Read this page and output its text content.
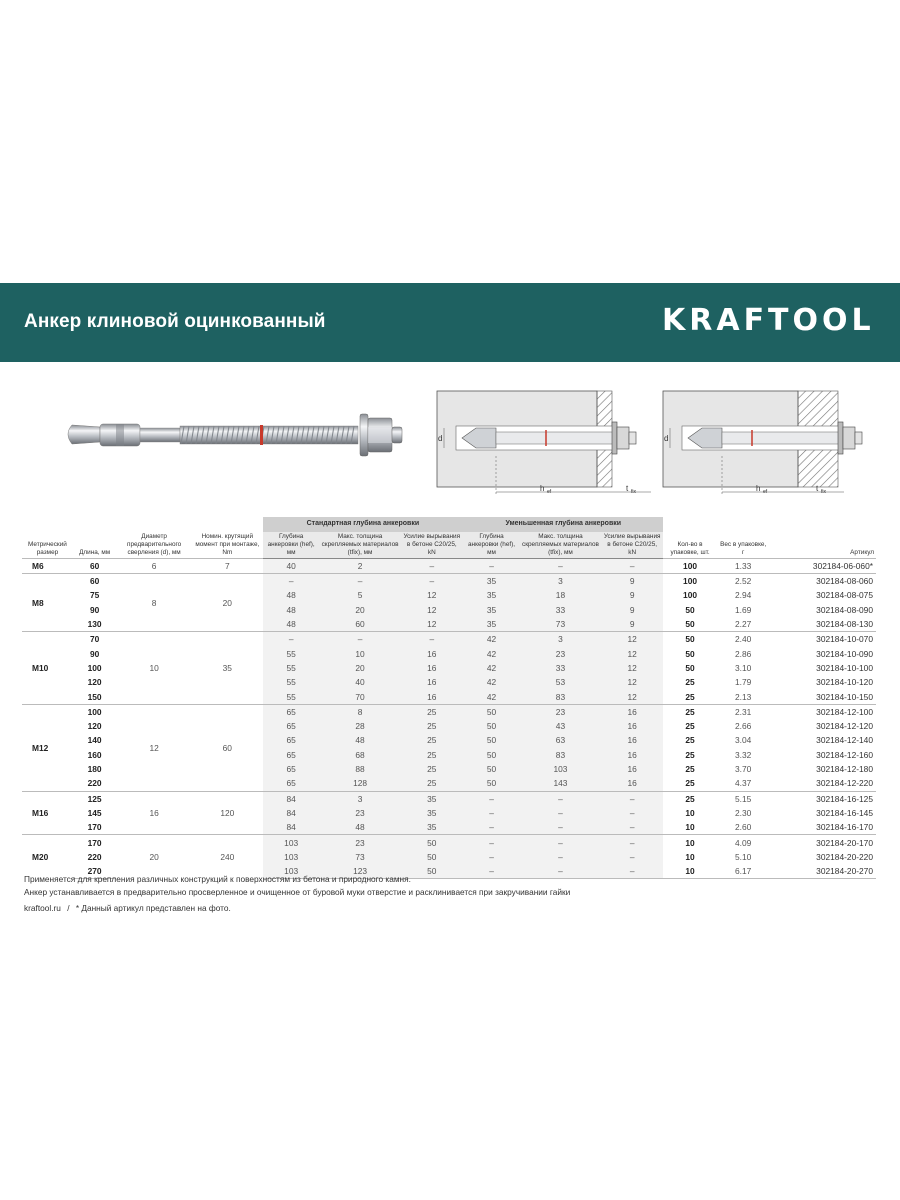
Анкер клиновой оцинкованный	KRAFTOOL
d
h ef	t fix
d
h ef	t fix
Метрический размер	Длина, мм	Диаметр предварительного сверления (d), мм	Номин. крутящий момент при монтаже, Nm	Стандартная глубина анкеровки			Уменьшенная глубина анкеровки			Кол-во в упаковке, шт.	Вес в упаковке, г	Артикул
				Глубина анкеровки (hef), мм	Макс. толщина скрепляемых материалов (tfix), мм	Усилие вырывания в бетоне C20/25, kN	Глубина анкеровки (hef), мм	Макс. толщина скрепляемых материалов (tfix), мм	Усилие вырывания в бетоне C20/25, kN			
M6	60	6	7	40	2	–	–	–	–	100	1.33	302184-06-060*
M8	60	8	20	–	–	–	35	3	9	100	2.52	302184-08-060
	75			48	5	12	35	18	9	100	2.94	302184-08-075
	90			48	20	12	35	33	9	50	1.69	302184-08-090
	130			48	60	12	35	73	9	50	2.27	302184-08-130
M10	70	10	35	–	–	–	42	3	12	50	2.40	302184-10-070
	90			55	10	16	42	23	12	50	2.86	302184-10-090
	100			55	20	16	42	33	12	50	3.10	302184-10-100
	120			55	40	16	42	53	12	25	1.79	302184-10-120
	150			55	70	16	42	83	12	25	2.13	302184-10-150
M12	100	12	60	65	8	25	50	23	16	25	2.31	302184-12-100
	120			65	28	25	50	43	16	25	2.66	302184-12-120
	140			65	48	25	50	63	16	25	3.04	302184-12-140
	160			65	68	25	50	83	16	25	3.32	302184-12-160
	180			65	88	25	50	103	16	25	3.70	302184-12-180
	220			65	128	25	50	143	16	25	4.37	302184-12-220
M16	125	16	120	84	3	35	–	–	–	25	5.15	302184-16-125
	145			84	23	35	–	–	–	10	2.30	302184-16-145
	170			84	48	35	–	–	–	10	2.60	302184-16-170
M20	170	20	240	103	23	50	–	–	–	10	4.09	302184-20-170
	220			103	73	50	–	–	–	10	5.10	302184-20-220
	270			103	123	50	–	–	–	10	6.17	302184-20-270
Применяется для крепления различных конструкций к поверхностям из бетона и природного камня.
Анкер устанавливается в предварительно просверленное и очищенное от буровой муки отверстие и расклинивается при закручивании гайки
kraftool.ru / * Данный артикул представлен на фото.
